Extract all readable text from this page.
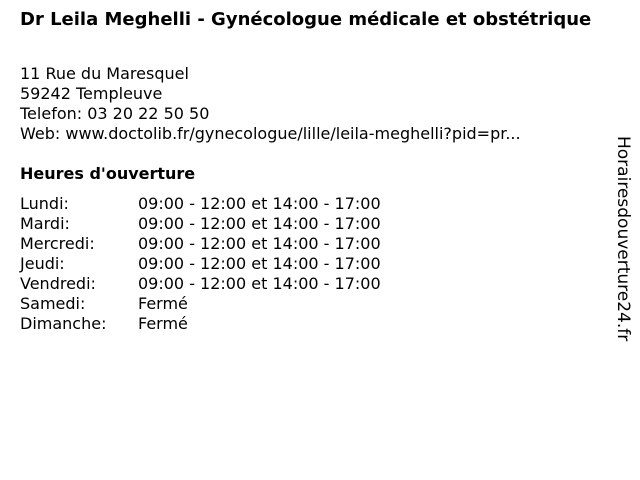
Dr Leila Meghelli - Gynécologue médicale et obstétrique
11 Rue du Maresquel
59242 Templeuve
Telefon: 03 20 22 50 50
Web: www.doctolib.fr/gynecologue/lille/leila-meghelli?pid=pr...
Heures d'ouverture
Lundi:	09:00 - 12:00 et 14:00 - 17:00
Mardi:	09:00 - 12:00 et 14:00 - 17:00
Mercredi:	09:00 - 12:00 et 14:00 - 17:00
Jeudi:	09:00 - 12:00 et 14:00 - 17:00
Vendredi:	09:00 - 12:00 et 14:00 - 17:00
Samedi:	Fermé
Dimanche:	Fermé	Horairesdouverture24.fr
